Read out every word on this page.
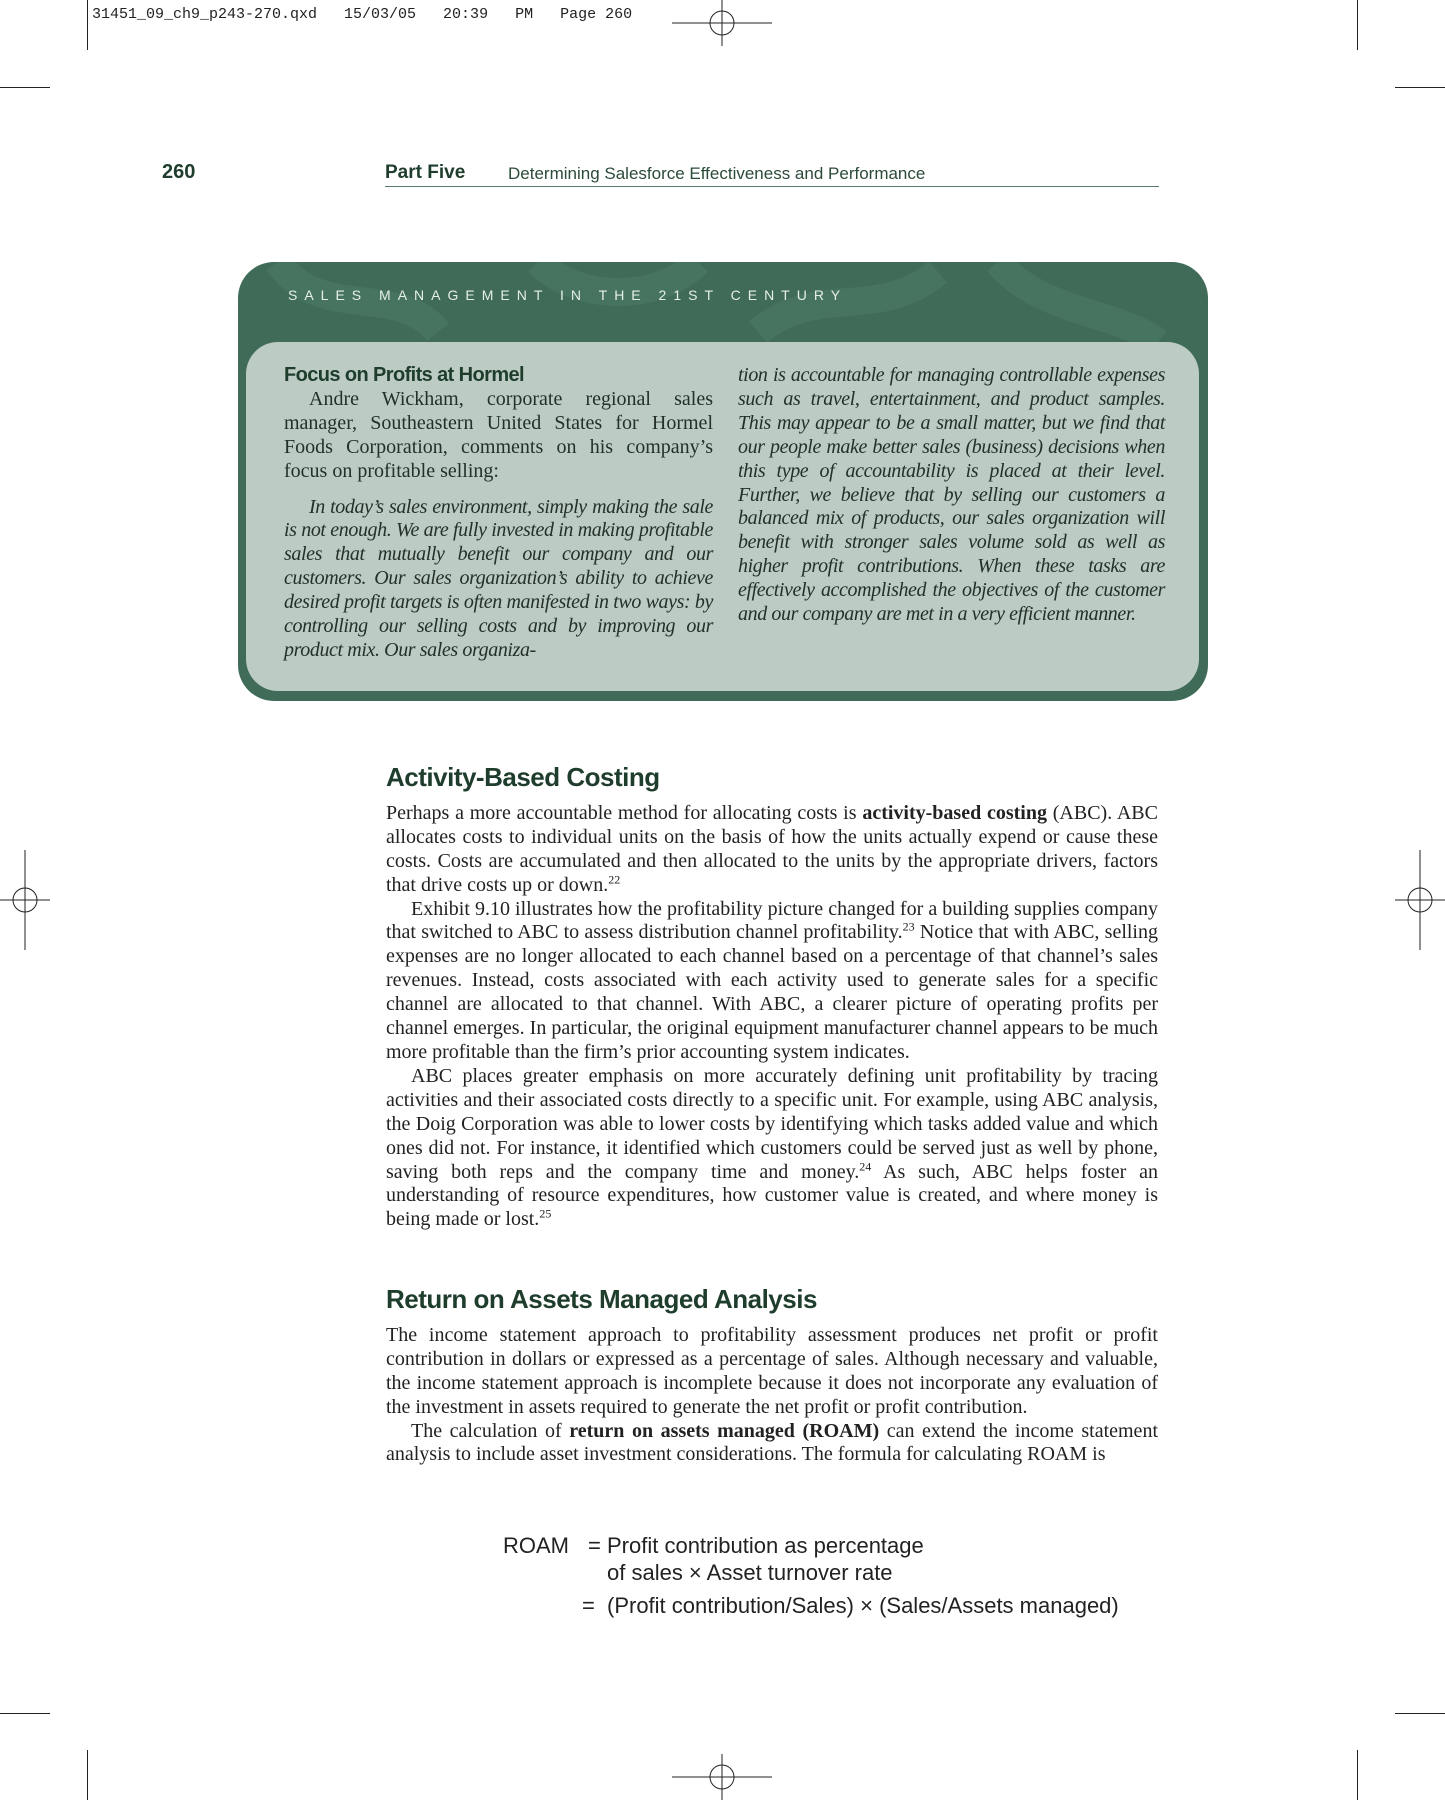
31451_09_ch9_p243-270.qxd   15/03/05   20:39   PM   Page 260
260	Part Five	Determining Salesforce Effectiveness and Performance
SALES MANAGEMENT IN THE 21ST CENTURY
Focus on Profits at Hormel

Andre Wickham, corporate regional sales manager, Southeastern United States for Hormel Foods Corporation, comments on his company’s focus on profitable selling:

In today’s sales environment, simply making the sale is not enough. We are fully invested in making profitable sales that mutually benefit our company and our customers. Our sales organization’s ability to achieve desired profit targets is often manifested in two ways: by controlling our selling costs and by improving our product mix. Our sales organiza-

tion is accountable for managing controllable expenses such as travel, entertainment, and product samples. This may appear to be a small matter, but we find that our people make better sales (business) decisions when this type of accountability is placed at their level. Further, we believe that by selling our customers a balanced mix of products, our sales organization will benefit with stronger sales volume sold as well as higher profit contributions. When these tasks are effectively accomplished the objectives of the customer and our company are met in a very efficient manner.

Activity-Based Costing

Perhaps a more accountable method for allocating costs is activity-based costing (ABC). ABC allocates costs to individual units on the basis of how the units actually expend or cause these costs. Costs are accumulated and then allocated to the units by the appropriate drivers, factors that drive costs up or down.$^{22}$

Exhibit 9.10 illustrates how the profitability picture changed for a building supplies company that switched to ABC to assess distribution channel profitability.$^{23}$ Notice that with ABC, selling expenses are no longer allocated to each channel based on a percentage of that channel’s sales revenues. Instead, costs associated with each activity used to generate sales for a specific channel are allocated to that channel. With ABC, a clearer picture of operating profits per channel emerges. In particular, the original equipment manufacturer channel appears to be much more profitable than the firm’s prior accounting system indicates.

ABC places greater emphasis on more accurately defining unit profitability by tracing activities and their associated costs directly to a specific unit. For example, using ABC analysis, the Doig Corporation was able to lower costs by identifying which tasks added value and which ones did not. For instance, it identified which customers could be served just as well by phone, saving both reps and the company time and money.$^{24}$ As such, ABC helps foster an understanding of resource expenditures, how customer value is created, and where money is being made or lost.$^{25}$

Return on Assets Managed Analysis

The income statement approach to profitability assessment produces net profit or profit contribution in dollars or expressed as a percentage of sales. Although necessary and valuable, the income statement approach is incomplete because it does not incorporate any evaluation of the investment in assets required to generate the net profit or profit contribution.

The calculation of return on assets managed (ROAM) can extend the income statement analysis to include asset investment considerations. The formula for calculating ROAM is

ROAM = Profit contribution as percentage
of sales × Asset turnover rate
= (Profit contribution/Sales) × (Sales/Assets managed)
